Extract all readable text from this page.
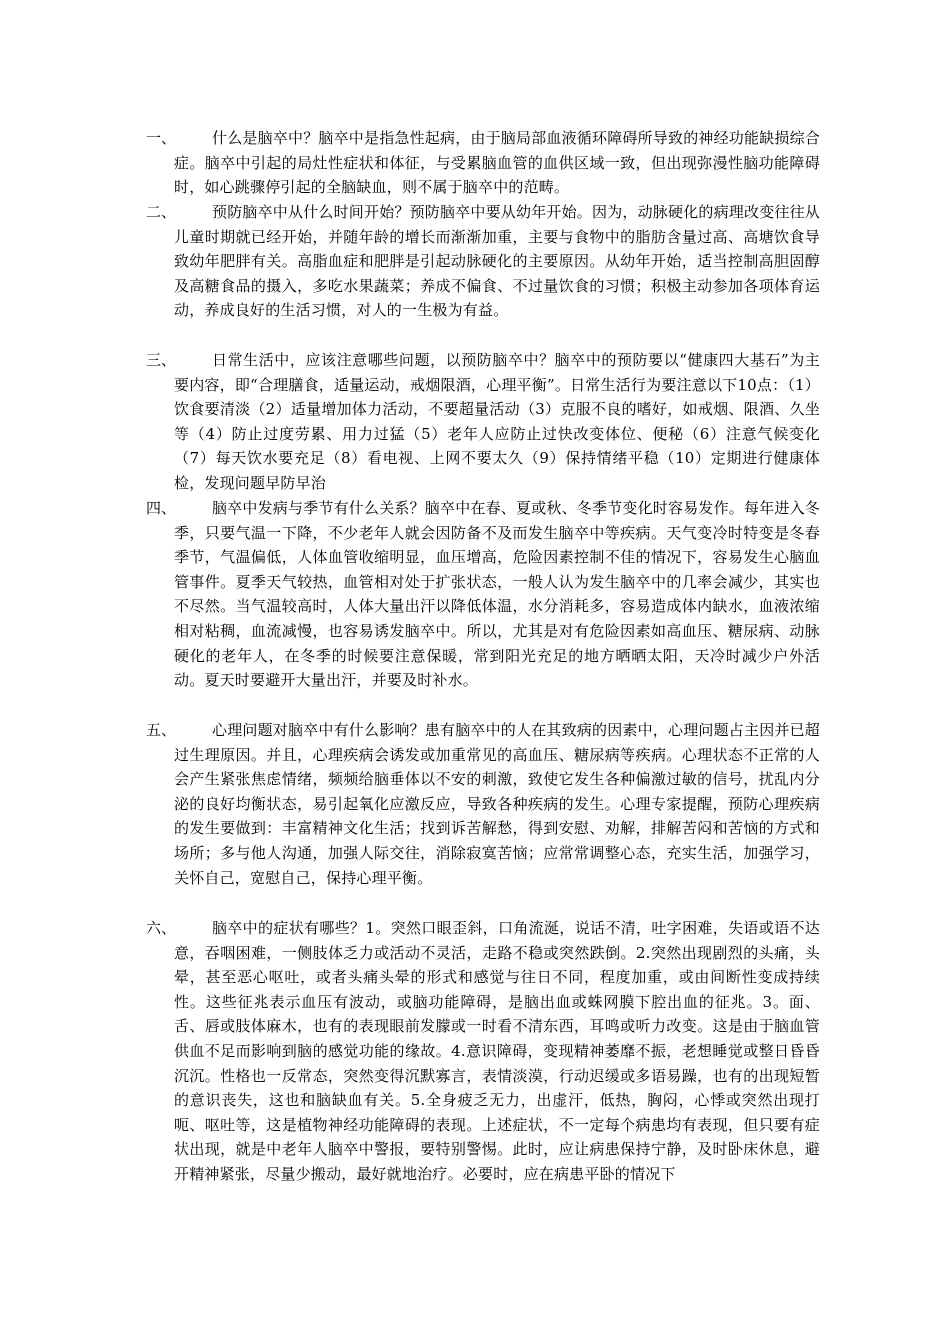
一、	什么是脑卒中？脑卒中是指急性起病，由于脑局部血液循环障碍所导致的神经功能缺损综合症。脑卒中引起的局灶性症状和体征，与受累脑血管的血供区域一致，但出现弥漫性脑功能障碍时，如心跳骤停引起的全脑缺血，则不属于脑卒中的范畴。

二、	预防脑卒中从什么时间开始？预防脑卒中要从幼年开始。因为，动脉硬化的病理改变往往从儿童时期就已经开始，并随年龄的增长而渐渐加重，主要与食物中的脂肪含量过高、高塘饮食导致幼年肥胖有关。高脂血症和肥胖是引起动脉硬化的主要原因。从幼年开始，适当控制高胆固醇及高糖食品的摄入，多吃水果蔬菜；养成不偏食、不过量饮食的习惯；积极主动参加各项体育运动，养成良好的生活习惯，对人的一生极为有益。

三、	日常生活中，应该注意哪些问题，以预防脑卒中？脑卒中的预防要以“健康四大基石”为主要内容，即“合理膳食，适量运动，戒烟限酒，心理平衡”。日常生活行为要注意以下10点：（1）饮食要清淡（2）适量增加体力活动，不要超量活动（3）克服不良的嗜好，如戒烟、限酒、久坐等（4）防止过度劳累、用力过猛（5）老年人应防止过快改变体位、便秘（6）注意气候变化（7）每天饮水要充足（8）看电视、上网不要太久（9）保持情绪平稳（10）定期进行健康体检，发现问题早防早治

四、	脑卒中发病与季节有什么关系？脑卒中在春、夏或秋、冬季节变化时容易发作。每年进入冬季，只要气温一下降，不少老年人就会因防备不及而发生脑卒中等疾病。天气变冷时特变是冬春季节，气温偏低，人体血管收缩明显，血压增高，危险因素控制不佳的情况下，容易发生心脑血管事件。夏季天气较热，血管相对处于扩张状态，一般人认为发生脑卒中的几率会减少，其实也不尽然。当气温较高时，人体大量出汗以降低体温，水分消耗多，容易造成体内缺水，血液浓缩相对粘稠，血流减慢，也容易诱发脑卒中。所以，尤其是对有危险因素如高血压、糖尿病、动脉硬化的老年人，在冬季的时候要注意保暖，常到阳光充足的地方晒晒太阳，天冷时减少户外活动。夏天时要避开大量出汗，并要及时补水。

五、	心理问题对脑卒中有什么影响？患有脑卒中的人在其致病的因素中，心理问题占主因并已超过生理原因。并且，心理疾病会诱发或加重常见的高血压、糖尿病等疾病。心理状态不正常的人会产生紧张焦虑情绪，频频给脑垂体以不安的刺激，致使它发生各种偏激过敏的信号，扰乱内分泌的良好均衡状态，易引起氧化应激反应，导致各种疾病的发生。心理专家提醒，预防心理疾病的发生要做到：丰富精神文化生活；找到诉苦解愁，得到安慰、劝解，排解苦闷和苦恼的方式和场所；多与他人沟通，加强人际交往，消除寂寞苦恼；应常常调整心态，充实生活，加强学习，关怀自己，宽慰自己，保持心理平衡。

六、	脑卒中的症状有哪些？1。突然口眼歪斜，口角流涎，说话不清，吐字困难，失语或语不达意，吞咽困难，一侧肢体乏力或活动不灵活，走路不稳或突然跌倒。2.突然出现剧烈的头痛，头晕，甚至恶心呕吐，或者头痛头晕的形式和感觉与往日不同，程度加重，或由间断性变成持续性。这些征兆表示血压有波动，或脑功能障碍，是脑出血或蛛网膜下腔出血的征兆。3。面、舌、唇或肢体麻木，也有的表现眼前发朦或一时看不清东西，耳鸣或听力改变。这是由于脑血管供血不足而影响到脑的感觉功能的缘故。4.意识障碍，变现精神萎靡不振，老想睡觉或整日昏昏沉沉。性格也一反常态，突然变得沉默寡言，表情淡漠，行动迟缓或多语易躁，也有的出现短暂的意识丧失，这也和脑缺血有关。5.全身疲乏无力，出虚汗，低热，胸闷，心悸或突然出现打呃、呕吐等，这是植物神经功能障碍的表现。上述症状，不一定每个病患均有表现，但只要有症状出现，就是中老年人脑卒中警报，要特别警惕。此时，应让病患保持宁静，及时卧床休息，避开精神紧张，尽量少搬动，最好就地治疗。必要时，应在病患平卧的情况下
